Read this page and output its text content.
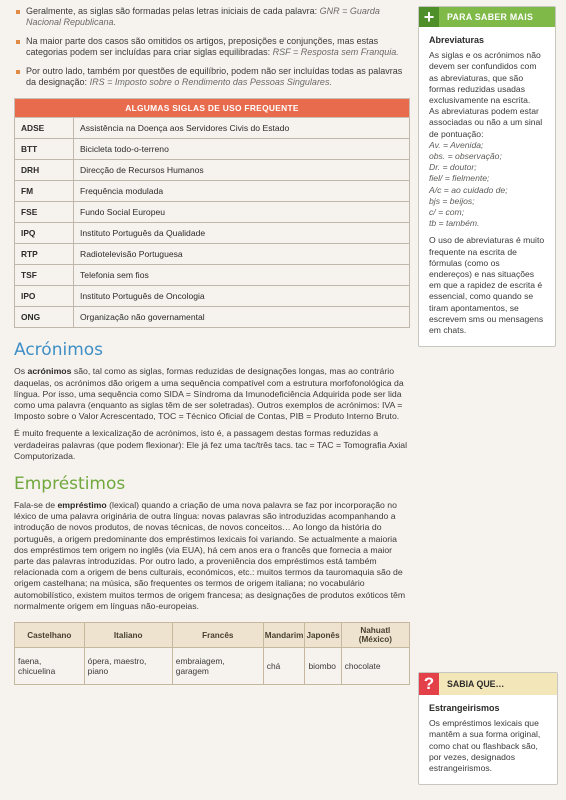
Geralmente, as siglas são formadas pelas letras iniciais de cada palavra: GNR = Guarda Nacional Republicana.
Na maior parte dos casos são omitidos os artigos, preposições e conjunções, mas estas categorias podem ser incluídas para criar siglas equilibradas: RSF = Resposta sem Franquia.
Por outro lado, também por questões de equilíbrio, podem não ser incluídas todas as palavras da designação: IRS = Imposto sobre o Rendimento das Pessoas Singulares.
ALGUMAS SIGLAS DE USO FREQUENTE	
ADSE	Assistência na Doença aos Servidores Civis do Estado
BTT	Bicicleta todo-o-terreno
DRH	Direcção de Recursos Humanos
FM	Frequência modulada
FSE	Fundo Social Europeu
IPQ	Instituto Português da Qualidade
RTP	Radiotelevisão Portuguesa
TSF	Telefonia sem fios
IPO	Instituto Português de Oncologia
ONG	Organização não governamental
Acrónimos

Os acrónimos são, tal como as siglas, formas reduzidas de designações longas, mas ao contrário daquelas, os acrónimos dão origem a uma sequência compatível com a estrutura morfofonológica da língua. Por isso, uma sequência como SIDA = Síndroma da Imunodeficiência Adquirida pode ser lida como uma palavra (enquanto as siglas têm de ser soletradas). Outros exemplos de acrónimos: IVA = Imposto sobre o Valor Acrescentado, TOC = Técnico Oficial de Contas, PIB = Produto Interno Bruto.

É muito frequente a lexicalização de acrónimos, isto é, a passagem destas formas reduzidas a verdadeiras palavras (que podem flexionar): Ele já fez uma tac/três tacs. tac = TAC = Tomografia Axial Computorizada.

Empréstimos

Fala-se de empréstimo (lexical) quando a criação de uma nova palavra se faz por incorporação no léxico de uma palavra originária de outra língua: novas palavras são introduzidas acompanhando a introdução de novos produtos, de novas técnicas, de novos conceitos… Ao longo da história do português, a origem predominante dos empréstimos lexicais foi variando. Se actualmente a maioria dos empréstimos tem origem no inglês (via EUA), há cem anos era o francês que fornecia a maior parte das palavras introduzidas. Por outro lado, a proveniência dos empréstimos está também relacionada com a origem de bens culturais, económicos, etc.: muitos termos da tauromaquia são de origem castelhana; na música, são frequentes os termos de origem italiana; no vocabulário automobilístico, existem muitos termos de origem francesa; as designações de produtos exóticos têm normalmente origem em línguas não-europeias.

Castelhano	Italiano	Francês	Mandarim	Japonês	Nahuatl (México)
faena, chicuelina	ópera, maestro, piano	embraiagem, garagem	chá	biombo	chocolate
+	PARA SABER MAIS
Abreviaturas

As siglas e os acrónimos não devem ser confundidos com as abreviaturas, que são formas reduzidas usadas exclusivamente na escrita.

As abreviaturas podem estar associadas ou não a um sinal de pontuação:

Av. = Avenida;

obs. = observação;

Dr. = doutor;

fiel/ = fielmente;

A/c = ao cuidado de;

bjs = beijos;

c/ = com;

tb = também.

O uso de abreviaturas é muito frequente na escrita de fórmulas (como os endereços) e nas situações em que a rapidez de escrita é essencial, como quando se tiram apontamentos, se escrevem sms ou mensagens em chats.

?	SABIA QUE…
Estrangeirismos

Os empréstimos lexicais que mantêm a sua forma original, como chat ou flashback são, por vezes, designados estrangeirismos.
